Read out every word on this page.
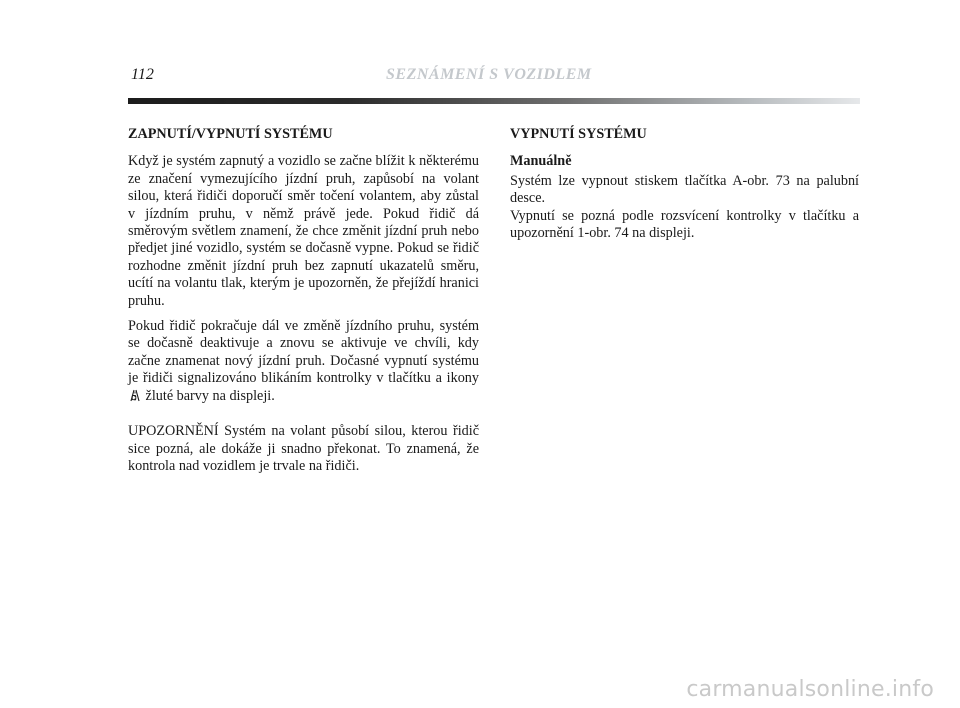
112	SEZNÁMENÍ S VOZIDLEM
ZAPNUTÍ/VYPNUTÍ SYSTÉMU

Když je systém zapnutý a vozidlo se začne blížit k některému ze značení vymezujícího jízdní pruh, zapůsobí na volant silou, která řidiči doporučí směr točení volantem, aby zůstal v jízdním pruhu, v němž právě jede. Pokud řidič dá směrovým světlem znamení, že chce změnit jízdní pruh nebo předjet jiné vozidlo, systém se dočasně vypne. Pokud se řidič rozhodne změnit jízdní pruh bez zapnutí ukazatelů směru, ucítí na volantu tlak, kterým je upozorněn, že přejíždí hranici pruhu.

Pokud řidič pokračuje dál ve změně jízdního pruhu, systém se dočasně deaktivuje a znovu se aktivuje ve chvíli, kdy začne znamenat nový jízdní pruh. Dočasné vypnutí systému je řidiči signalizováno blikáním kontrolky v tlačítku a ikony  žluté barvy na displeji.

UPOZORNĚNÍ Systém na volant působí silou, kterou řidič sice pozná, ale dokáže ji snadno překonat. To znamená, že kontrola nad vozidlem je trvale na řidiči.

VYPNUTÍ SYSTÉMU
Manuálně

Systém lze vypnout stiskem tlačítka A-obr. 73 na palubní desce.

Vypnutí se pozná podle rozsvícení kontrolky v tlačítku a upozornění 1-obr. 74 na displeji.

carmanualsonline.info
